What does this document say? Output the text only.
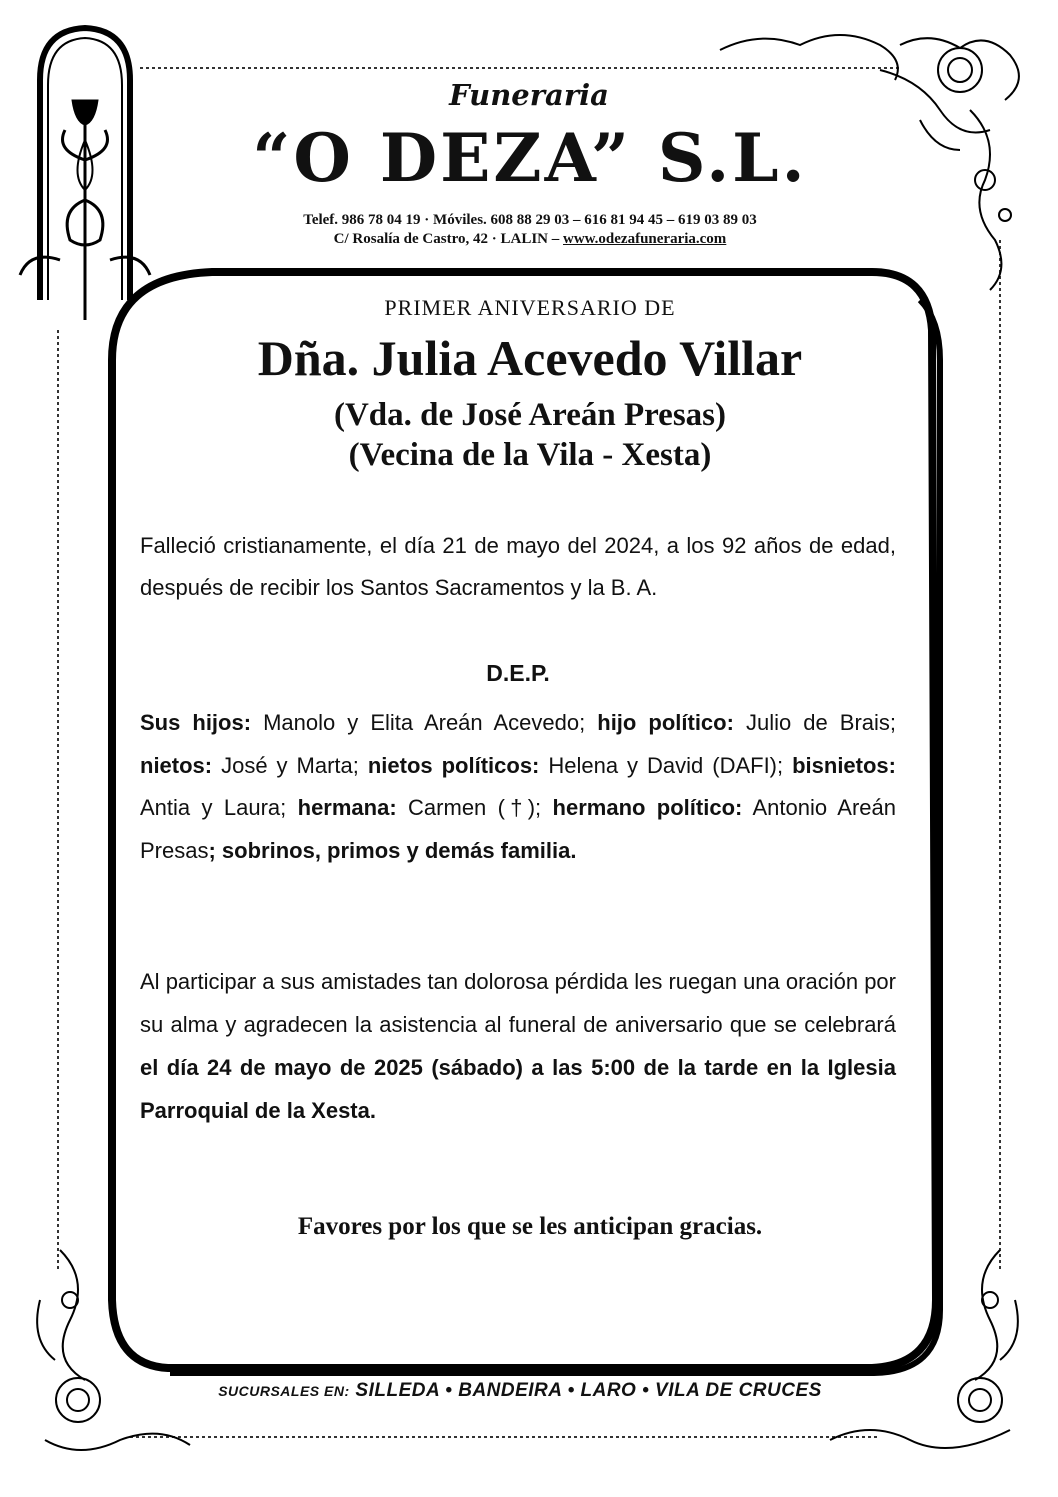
Funeraria
“O DEZA” S.L.
Telef. 986 78 04 19 · Móviles. 608 88 29 03 – 616 81 94 45 – 619 03 89 03
C/ Rosalía de Castro, 42 · LALIN – www.odezafuneraria.com
PRIMER ANIVERSARIO DE
Dña. Julia Acevedo Villar
(Vda. de José Areán Presas)
(Vecina de la Vila - Xesta)
Falleció cristianamente, el día 21 de mayo del 2024, a los 92 años de edad, después de recibir los Santos Sacramentos y la B. A.
D.E.P.
Sus hijos: Manolo y Elita Areán Acevedo; hijo político: Julio de Brais; nietos: José y Marta; nietos políticos: Helena y David (DAFI); bisnietos: Antia y Laura; hermana: Carmen (†); hermano político: Antonio Areán Presas; sobrinos, primos y demás familia.
Al participar a sus amistades tan dolorosa pérdida les ruegan una oración por su alma y agradecen la asistencia al funeral de aniversario que se celebrará el día 24 de mayo de 2025 (sábado) a las 5:00 de la tarde en la Iglesia Parroquial de la Xesta.
Favores por los que se les anticipan gracias.
SUCURSALES EN: SILLEDA • BANDEIRA • LARO • VILA DE CRUCES
